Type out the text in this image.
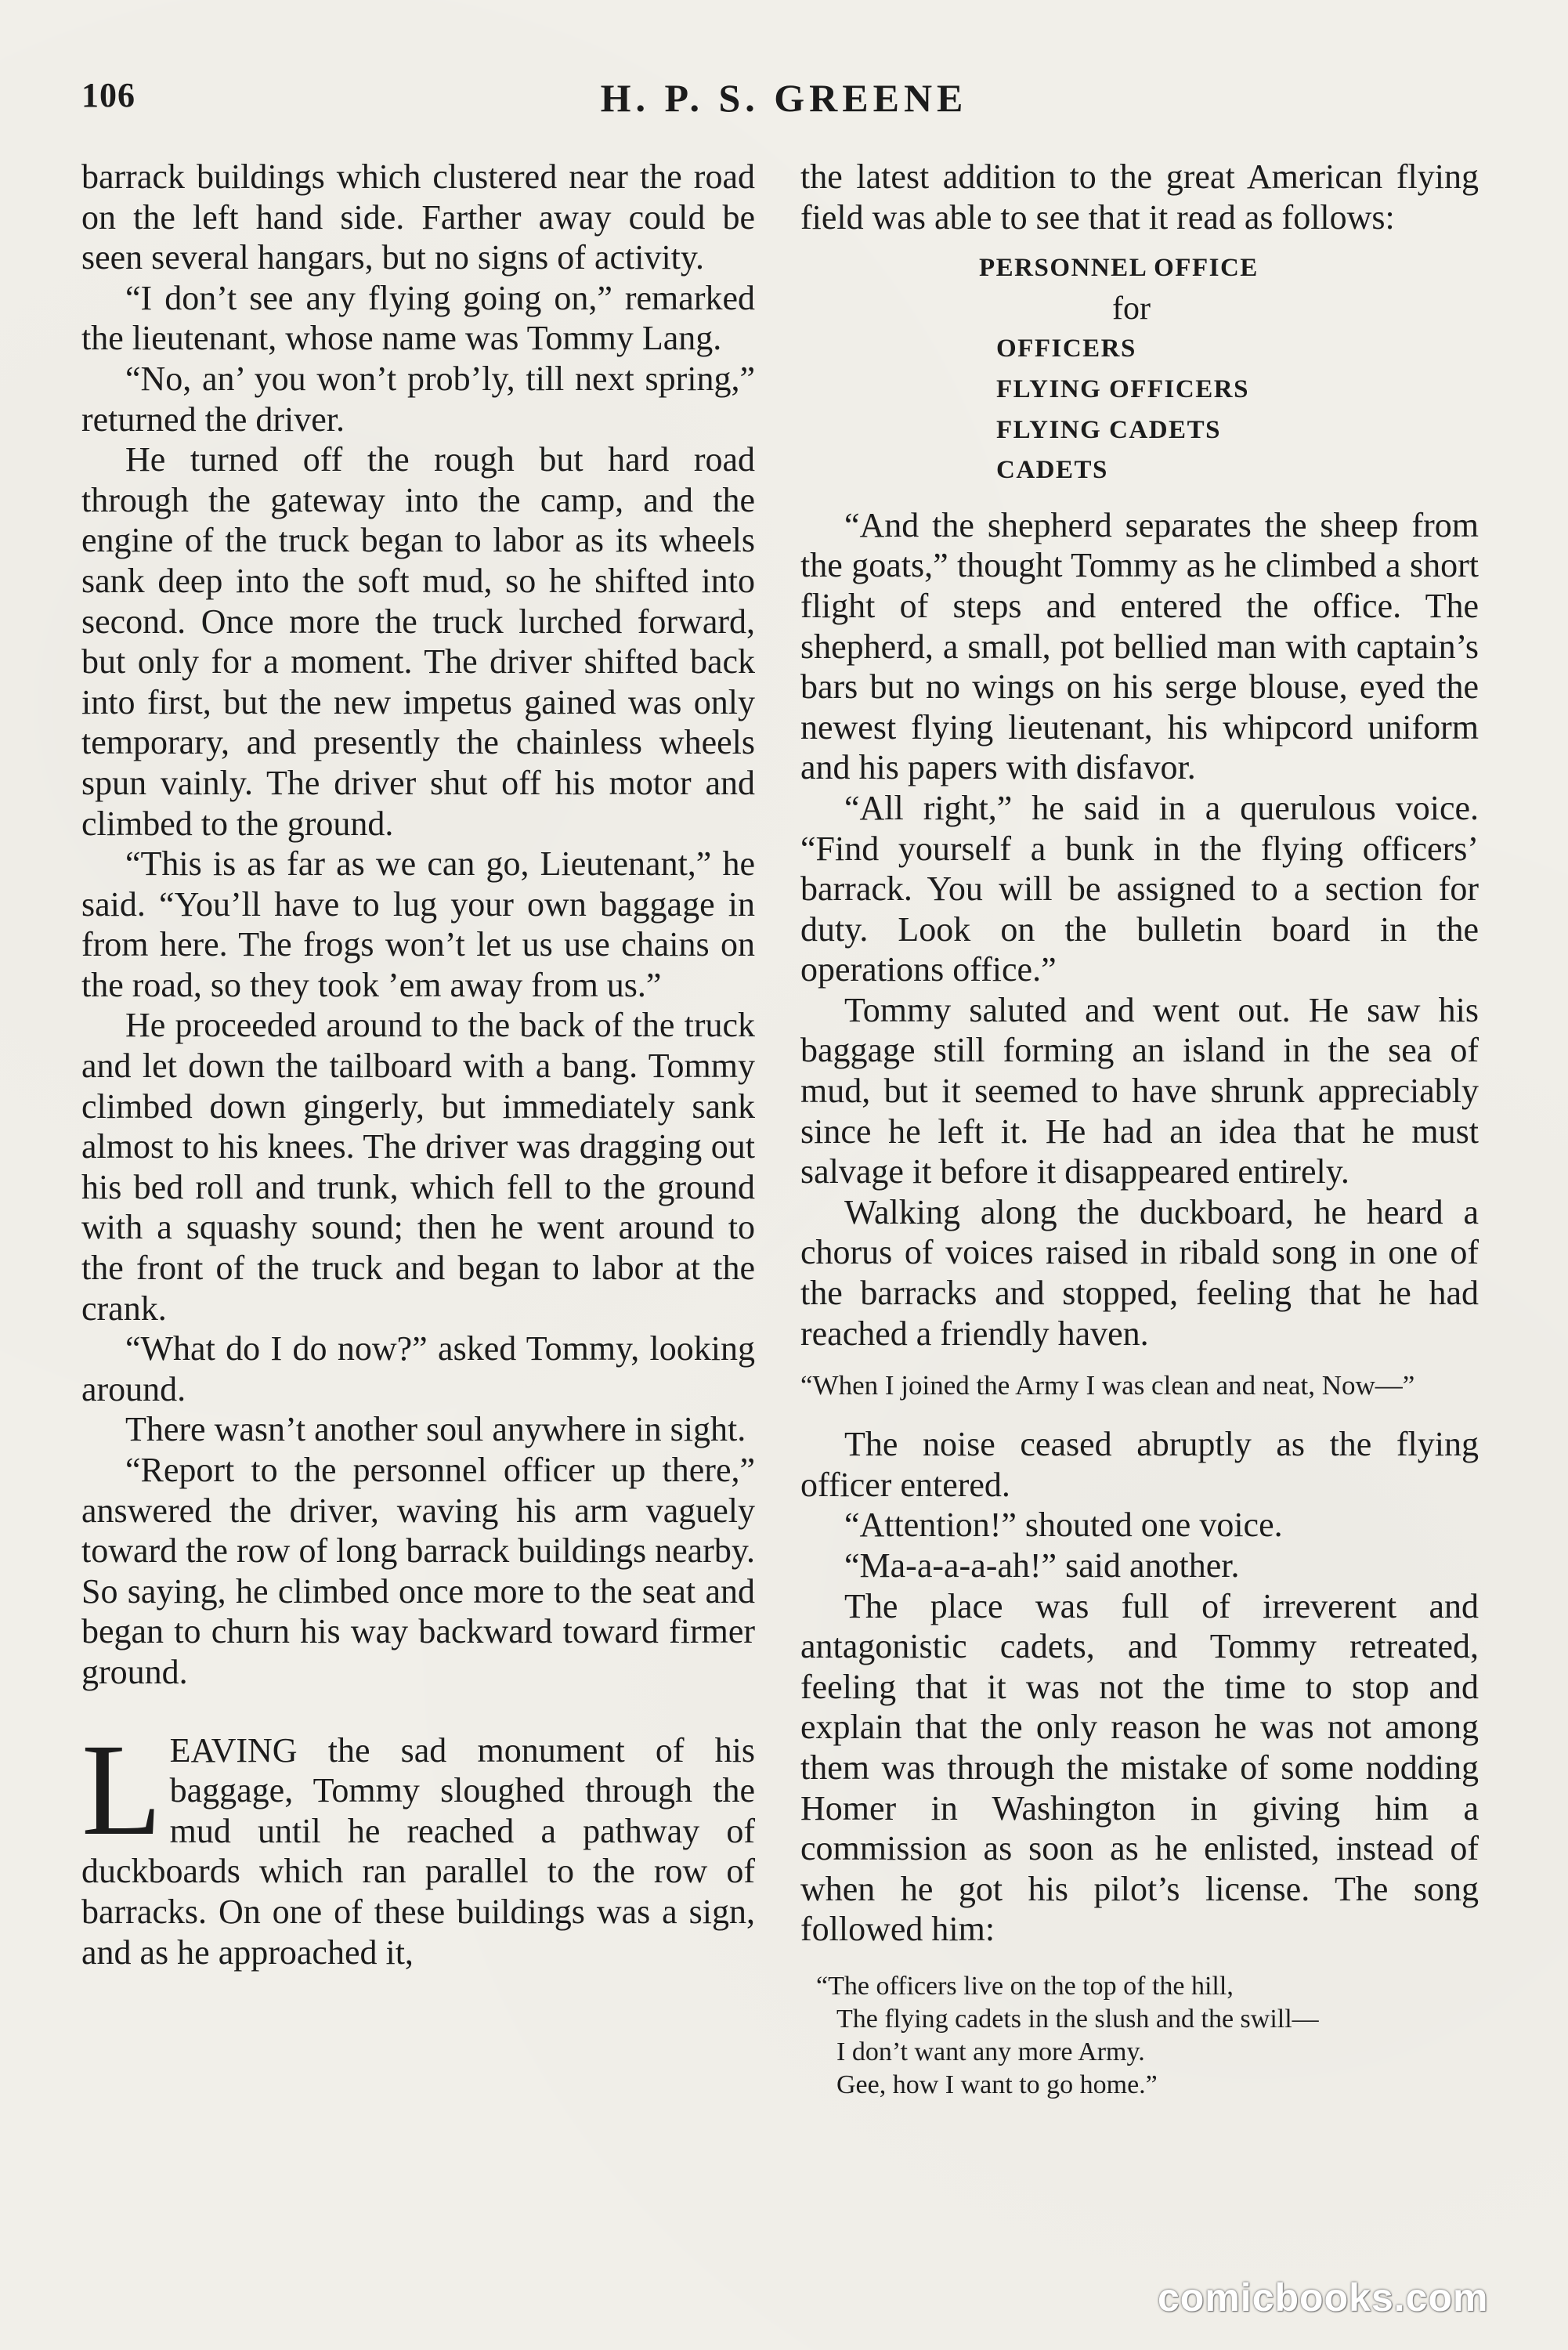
106	H. P. S. GREENE

barrack buildings which clustered near the road on the left hand side. Farther away could be seen several hangars, but no signs of activity.

“I don’t see any flying going on,” remarked the lieutenant, whose name was Tommy Lang.

“No, an’ you won’t prob’ly, till next spring,” returned the driver.

He turned off the rough but hard road through the gateway into the camp, and the engine of the truck began to labor as its wheels sank deep into the soft mud, so he shifted into second. Once more the truck lurched forward, but only for a moment. The driver shifted back into first, but the new impetus gained was only temporary, and presently the chainless wheels spun vainly. The driver shut off his motor and climbed to the ground.

“This is as far as we can go, Lieutenant,” he said. “You’ll have to lug your own baggage in from here. The frogs won’t let us use chains on the road, so they took ’em away from us.”

He proceeded around to the back of the truck and let down the tailboard with a bang. Tommy climbed down gingerly, but immediately sank almost to his knees. The driver was dragging out his bed roll and trunk, which fell to the ground with a squashy sound; then he went around to the front of the truck and began to labor at the crank.

“What do I do now?” asked Tommy, looking around.

There wasn’t another soul anywhere in sight.

“Report to the personnel officer up there,” answered the driver, waving his arm vaguely toward the row of long barrack buildings nearby. So saying, he climbed once more to the seat and began to churn his way backward toward firmer ground.

LEAVING the sad monument of his baggage, Tommy sloughed through the mud until he reached a pathway of duckboards which ran parallel to the row of barracks. On one of these buildings was a sign, and as he approached it,

the latest addition to the great American flying field was able to see that it read as follows:

PERSONNEL OFFICE
for
OFFICERS
FLYING OFFICERS
FLYING CADETS
CADETS

“And the shepherd separates the sheep from the goats,” thought Tommy as he climbed a short flight of steps and entered the office. The shepherd, a small, pot bellied man with captain’s bars but no wings on his serge blouse, eyed the newest flying lieutenant, his whipcord uniform and his papers with disfavor.

“All right,” he said in a querulous voice. “Find yourself a bunk in the flying officers’ barrack. You will be assigned to a section for duty. Look on the bulletin board in the operations office.”

Tommy saluted and went out. He saw his baggage still forming an island in the sea of mud, but it seemed to have shrunk appreciably since he left it. He had an idea that he must salvage it before it disappeared entirely.

Walking along the duckboard, he heard a chorus of voices raised in ribald song in one of the barracks and stopped, feeling that he had reached a friendly haven.

“When I joined the Army I was clean and neat, Now—”

The noise ceased abruptly as the flying officer entered.

“Attention!” shouted one voice.

“Ma-a-a-a-ah!” said another.

The place was full of irreverent and antagonistic cadets, and Tommy retreated, feeling that it was not the time to stop and explain that the only reason he was not among them was through the mistake of some nodding Homer in Washington in giving him a commission as soon as he enlisted, instead of when he got his pilot’s license. The song followed him:

“The officers live on the top of the hill,
The flying cadets in the slush and the swill—
I don’t want any more Army.
Gee, how I want to go home.”
comicbooks.com
